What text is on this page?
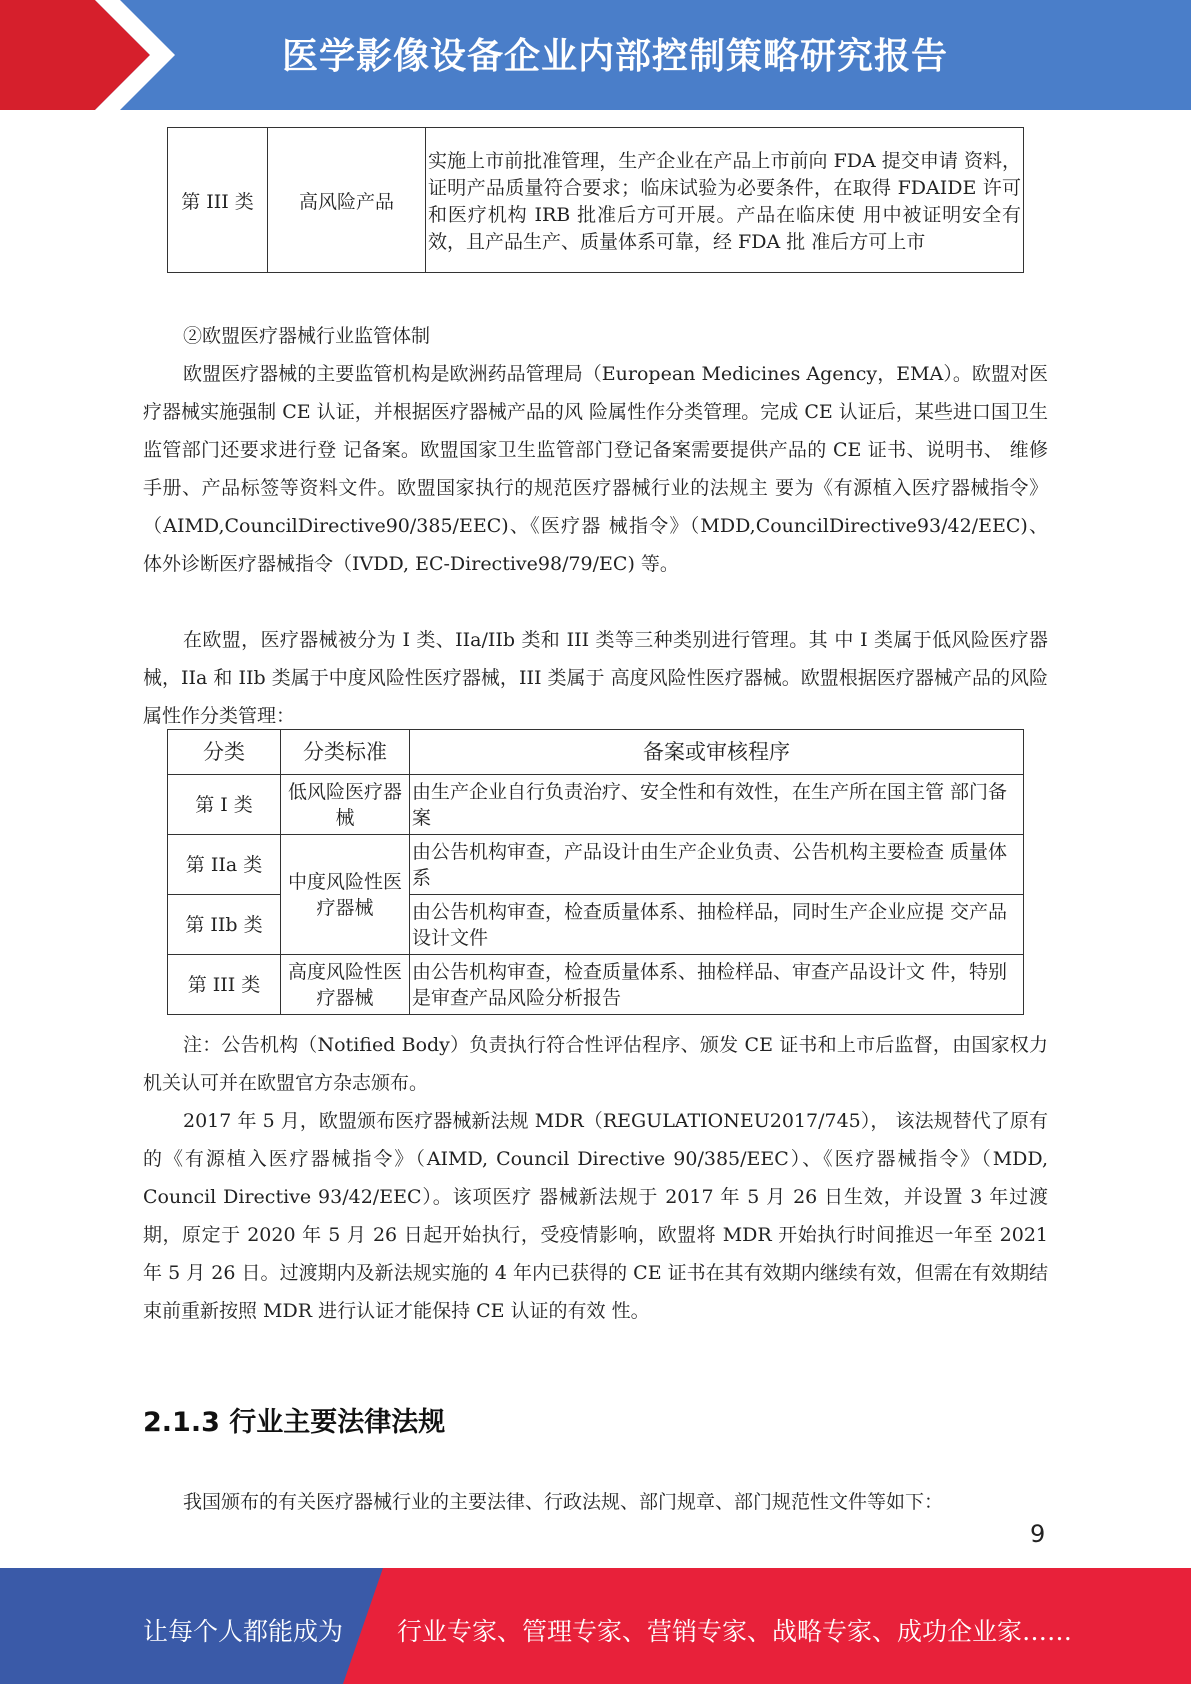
医学影像设备企业内部控制策略研究报告
第 III 类	高风险产品	实施上市前批准管理，生产企业在产品上市前向 FDA 提交申请 资料，证明产品质量符合要求；临床试验为必要条件，在取得 FDAIDE 许可和医疗机构 IRB 批准后方可开展。产品在临床使 用中被证明安全有效，且产品生产、质量体系可靠，经 FDA 批 准后方可上市

②欧盟医疗器械行业监管体制

欧盟医疗器械的主要监管机构是欧洲药品管理局（European Medicines Agency，EMA）。欧盟对医疗器械实施强制 CE 认证，并根据医疗器械产品的风 险属性作分类管理。完成 CE 认证后，某些进口国卫生监管部门还要求进行登 记备案。欧盟国家卫生监管部门登记备案需要提供产品的 CE 证书、说明书、 维修手册、产品标签等资料文件。欧盟国家执行的规范医疗器械行业的法规主 要为《有源植入医疗器械指令》（AIMD,CouncilDirective90/385/EEC)、《医疗器 械指令》（MDD,CouncilDirective93/42/EEC)、体外诊断医疗器械指令（IVDD, EC-Directive98/79/EC) 等。

在欧盟，医疗器械被分为 I 类、IIa/IIb 类和 III 类等三种类别进行管理。其 中 I 类属于低风险医疗器械，IIa 和 IIb 类属于中度风险性医疗器械，III 类属于 高度风险性医疗器械。欧盟根据医疗器械产品的风险属性作分类管理：

分类	分类标准	备案或审核程序
第 I 类	低风险医疗器械	由生产企业自行负责治疗、安全性和有效性，在生产所在国主管 部门备案
第 IIa 类	中度风险性医疗器械	由公告机构审查，产品设计由生产企业负责、公告机构主要检查 质量体系
第 IIb 类		由公告机构审查，检查质量体系、抽检样品，同时生产企业应提 交产品设计文件
第 III 类	高度风险性医疗器械	由公告机构审查，检查质量体系、抽检样品、审查产品设计文 件，特别是审查产品风险分析报告

注：公告机构（Notified Body）负责执行符合性评估程序、颁发 CE 证书和上市后监督，由国家权力机关认可并在欧盟官方杂志颁布。

2017 年 5 月，欧盟颁布医疗器械新法规 MDR（REGULATIONEU2017/745）， 该法规替代了原有的《有源植入医疗器械指令》（AIMD, Council Directive 90/385/EEC）、《医疗器械指令》（MDD, Council Directive 93/42/EEC）。该项医疗 器械新法规于 2017 年 5 月 26 日生效，并设置 3 年过渡期，原定于 2020 年 5 月 26 日起开始执行，受疫情影响，欧盟将 MDR 开始执行时间推迟一年至 2021 年 5 月 26 日。过渡期内及新法规实施的 4 年内已获得的 CE 证书在其有效期内继续有效，但需在有效期结束前重新按照 MDR 进行认证才能保持 CE 认证的有效 性。

2.1.3 行业主要法律法规

我国颁布的有关医疗器械行业的主要法律、行政法规、部门规章、部门规范性文件等如下：

9
让每个人都能成为 行业专家、管理专家、营销专家、战略专家、成功企业家……
